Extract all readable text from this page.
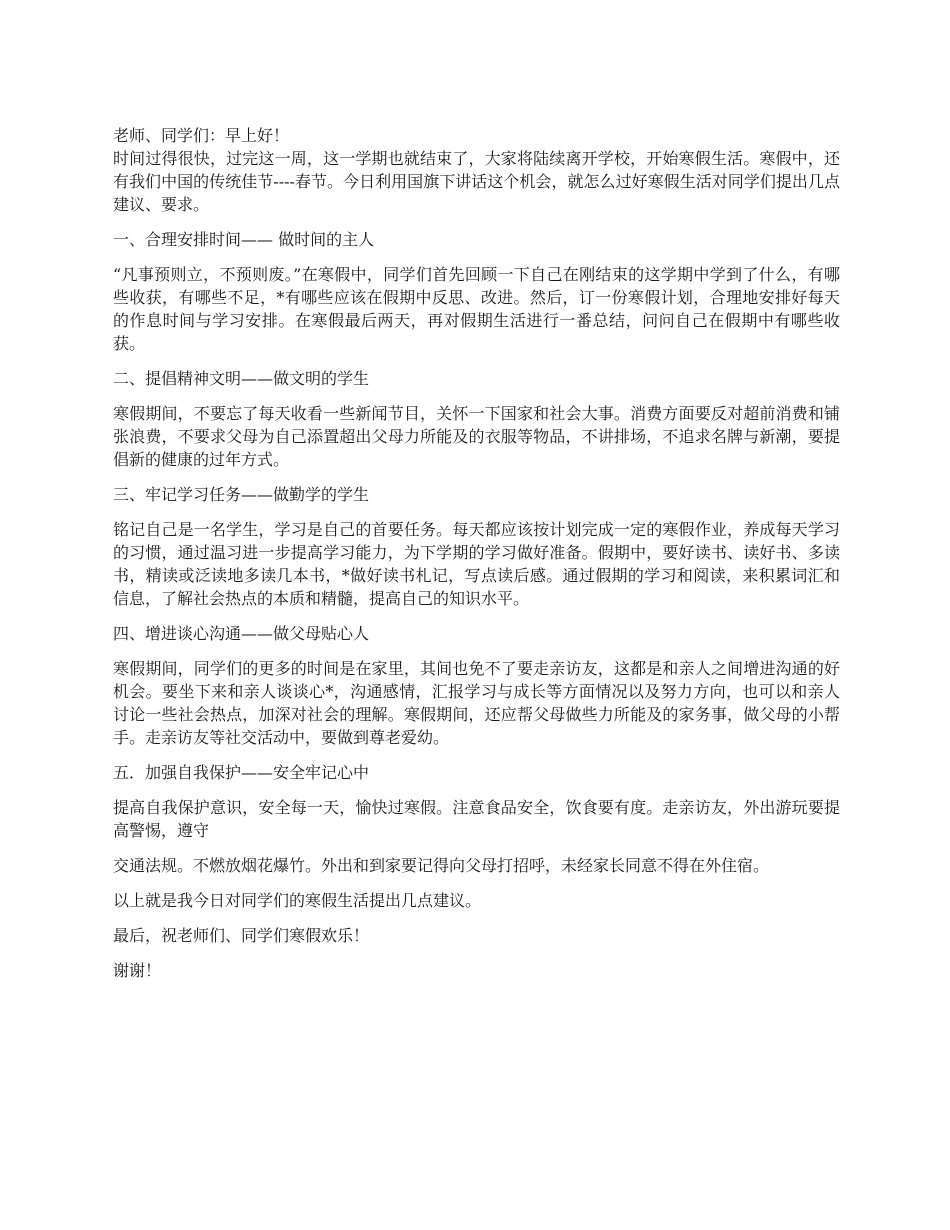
老师、同学们：早上好！

时间过得很快，过完这一周，这一学期也就结束了，大家将陆续离开学校，开始寒假生活。寒假中，还有我们中国的传统佳节----春节。今日利用国旗下讲话这个机会，就怎么过好寒假生活对同学们提出几点建议、要求。

一、合理安排时间—— 做时间的主人

“凡事预则立，不预则废。”在寒假中，同学们首先回顾一下自己在刚结束的这学期中学到了什么，有哪些收获，有哪些不足，*有哪些应该在假期中反思、改进。然后，订一份寒假计划，合理地安排好每天的作息时间与学习安排。在寒假最后两天，再对假期生活进行一番总结，问问自己在假期中有哪些收获。

二、提倡精神文明——做文明的学生

寒假期间，不要忘了每天收看一些新闻节目，关怀一下国家和社会大事。消费方面要反对超前消费和铺张浪费，不要求父母为自己添置超出父母力所能及的衣服等物品，不讲排场，不追求名牌与新潮，要提倡新的健康的过年方式。

三、牢记学习任务——做勤学的学生

铭记自己是一名学生，学习是自己的首要任务。每天都应该按计划完成一定的寒假作业，养成每天学习的习惯，通过温习进一步提高学习能力，为下学期的学习做好准备。假期中，要好读书、读好书、多读书，精读或泛读地多读几本书，*做好读书札记，写点读后感。通过假期的学习和阅读，来积累词汇和信息，了解社会热点的本质和精髓，提高自己的知识水平。

四、增进谈心沟通——做父母贴心人

寒假期间，同学们的更多的时间是在家里，其间也免不了要走亲访友，这都是和亲人之间增进沟通的好机会。要坐下来和亲人谈谈心*，沟通感情，汇报学习与成长等方面情况以及努力方向，也可以和亲人讨论一些社会热点，加深对社会的理解。寒假期间，还应帮父母做些力所能及的家务事，做父母的小帮手。走亲访友等社交活动中，要做到尊老爱幼。

五．加强自我保护——安全牢记心中

提高自我保护意识，安全每一天，愉快过寒假。注意食品安全，饮食要有度。走亲访友，外出游玩要提高警惕，遵守

交通法规。不燃放烟花爆竹。外出和到家要记得向父母打招呼，未经家长同意不得在外住宿。

以上就是我今日对同学们的寒假生活提出几点建议。

最后，祝老师们、同学们寒假欢乐！

谢谢！
